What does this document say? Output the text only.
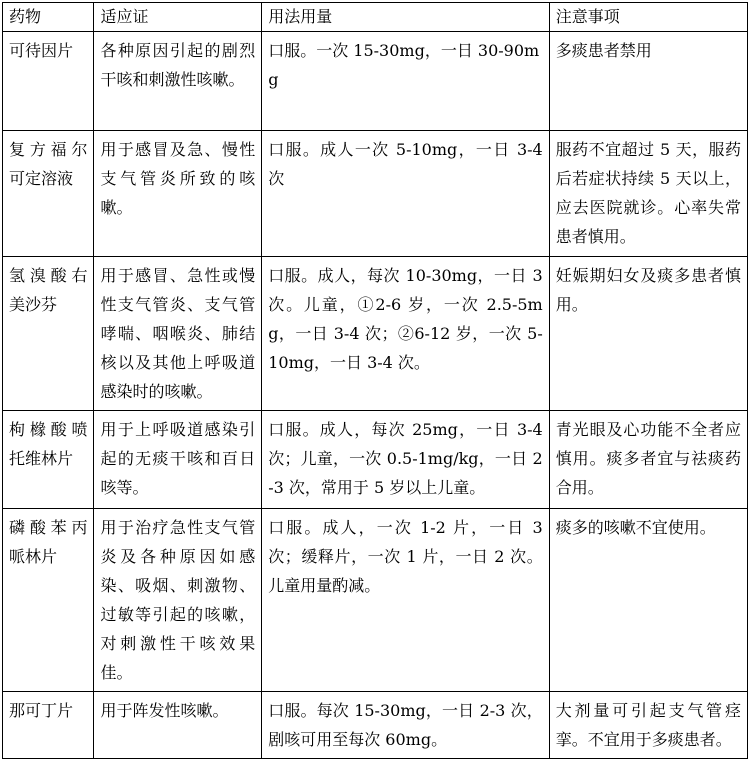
药物	适应证	用法用量	注意事项
可待因片	各种原因引起的剧烈干咳和刺激性咳嗽。	口服。一次 15-30mg，一日 30-90mg	多痰患者禁用
复方福尔可定溶液	用于感冒及急、慢性支气管炎所致的咳嗽。	口服。成人一次 5-10mg，一日 3-4 次	服药不宜超过 5 天，服药后若症状持续 5 天以上，应去医院就诊。心率失常患者慎用。
氢溴酸右美沙芬	用于感冒、急性或慢性支气管炎、支气管哮喘、咽喉炎、肺结核以及其他上呼吸道感染时的咳嗽。	口服。成人，每次 10-30mg，一日 3 次。儿童，①2-6 岁，一次 2.5-5mg，一日 3-4 次；②6-12 岁，一次 5-10mg，一日 3-4 次。	妊娠期妇女及痰多患者慎用。
枸橼酸喷托维林片	用于上呼吸道感染引起的无痰干咳和百日咳等。	口服。成人，每次 25mg，一日 3-4 次；儿童，一次 0.5-1mg/kg，一日 2-3 次，常用于 5 岁以上儿童。	青光眼及心功能不全者应慎用。痰多者宜与祛痰药合用。
磷酸苯丙哌林片	用于治疗急性支气管炎及各种原因如感染、吸烟、刺激物、过敏等引起的咳嗽，对刺激性干咳效果佳。	口服。成人，一次 1-2 片，一日 3 次；缓释片，一次 1 片，一日 2 次。儿童用量酌减。	痰多的咳嗽不宜使用。
那可丁片	用于阵发性咳嗽。	口服。每次 15-30mg，一日 2-3 次，剧咳可用至每次 60mg。	大剂量可引起支气管痉挛。不宜用于多痰患者。
